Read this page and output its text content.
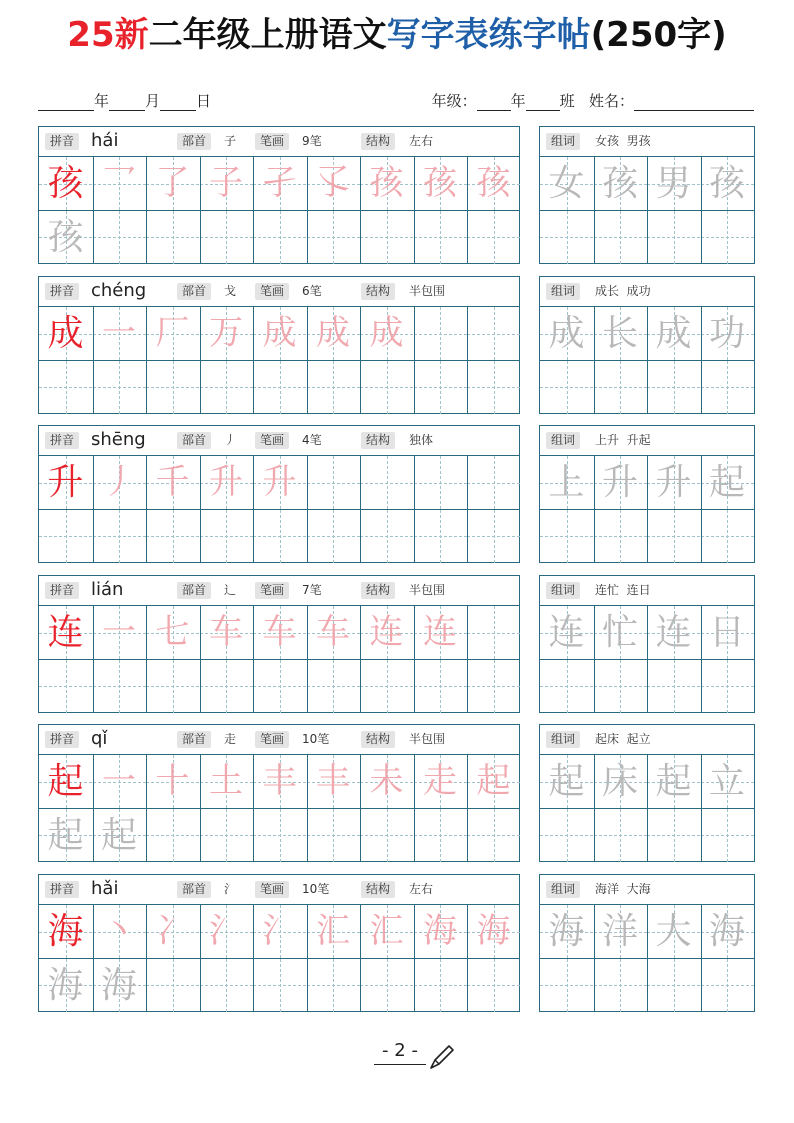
25新二年级上册语文写字表练字帖(250字)
年 月 日	年级： 年 班 姓名：
拼音 hái	部首	子	笔画	9笔	结构	左右
孩 乛 了 子 孑 孓 孩 孩 孩
孩
组词	女孩  男孩
女 孩 男 孩
拼音 chéng	部首	戈	笔画	6笔	结构	半包围
成 一 厂 万 成 成 成
组词	成长  成功
成 长 成 功
拼音 shēng	部首	丿	笔画	4笔	结构	独体
升 丿 千 升 升
组词	上升  升起
上 升 升 起
拼音 lián	部首	辶	笔画	7笔	结构	半包围
连 一 七 车 车 车 连 连
组词	连忙  连日
连 忙 连 日
拼音 qǐ	部首	走	笔画	10笔	结构	半包围
起 一 十 土 丰 丰 未 走 起
起 起
组词	起床  起立
起 床 起 立
拼音 hǎi	部首	氵	笔画	10笔	结构	左右
海 丶 冫 氵 氵 汇 汇 海 海
海 海
组词	海洋  大海
海 洋 大 海
- 2 -
